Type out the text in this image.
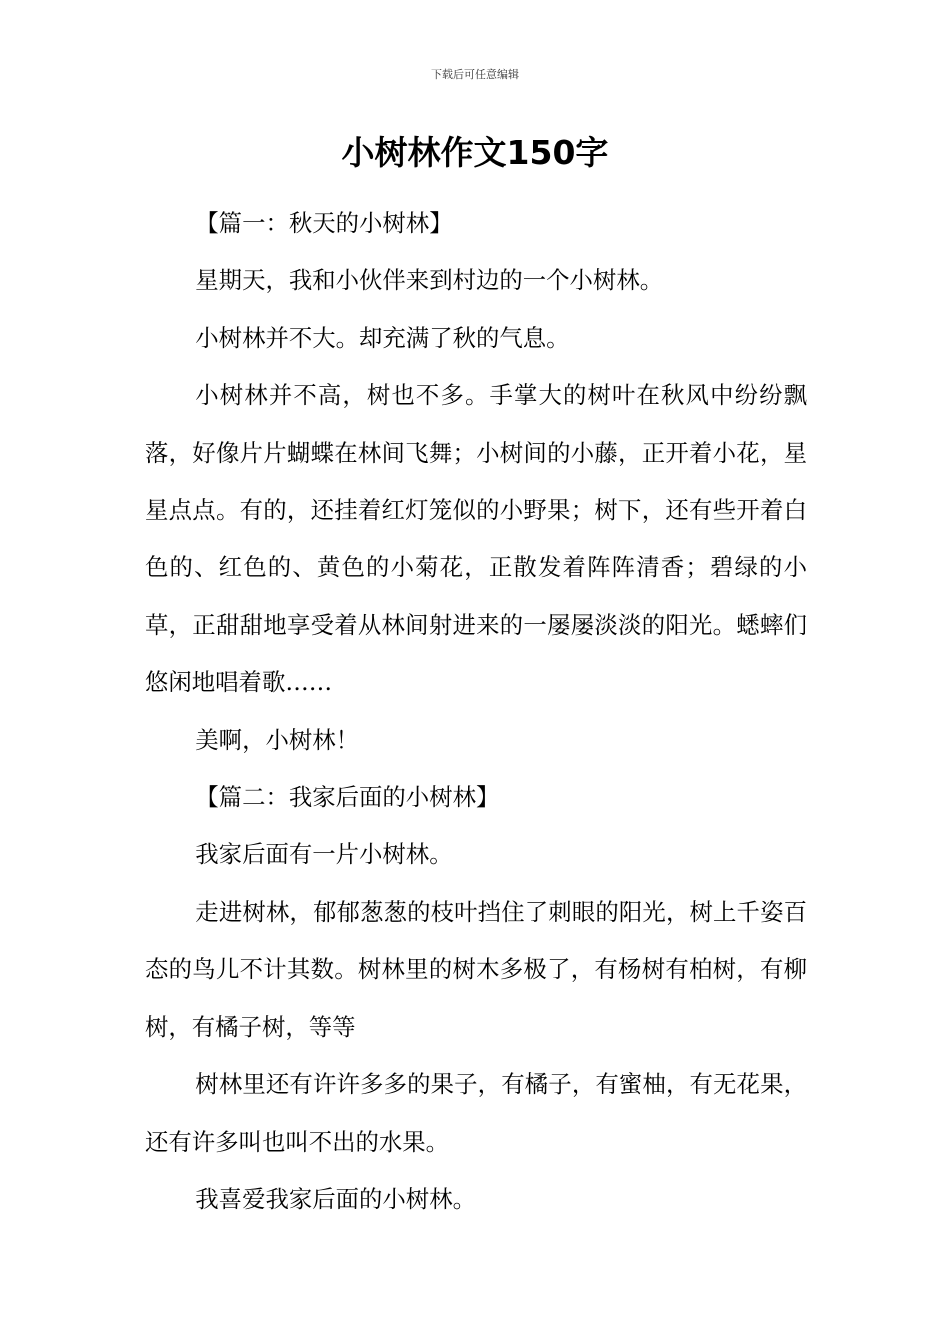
下载后可任意编辑
小树林作文150字

【篇一：秋天的小树林】

星期天，我和小伙伴来到村边的一个小树林。

小树林并不大。却充满了秋的气息。

小树林并不高，树也不多。手掌大的树叶在秋风中纷纷飘落，好像片片蝴蝶在林间飞舞；小树间的小藤，正开着小花，星星点点。有的，还挂着红灯笼似的小野果；树下，还有些开着白色的、红色的、黄色的小菊花，正散发着阵阵清香；碧绿的小草，正甜甜地享受着从林间射进来的一屡屡淡淡的阳光。蟋蟀们悠闲地唱着歌……

美啊，小树林！

【篇二：我家后面的小树林】

我家后面有一片小树林。

走进树林，郁郁葱葱的枝叶挡住了刺眼的阳光，树上千姿百态的鸟儿不计其数。树林里的树木多极了，有杨树有柏树，有柳树，有橘子树，等等

树林里还有许许多多的果子，有橘子，有蜜柚，有无花果，还有许多叫也叫不出的水果。

我喜爱我家后面的小树林。
